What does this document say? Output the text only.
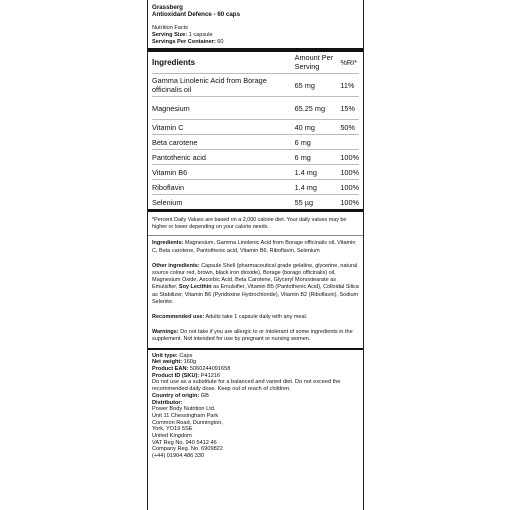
Grassberg
Antioxidant Defence - 60 caps
Nutrition Facts
Serving Size: 1 capsule
Servings Per Container: 60
Ingredients	Amount Per Serving	%RI*
Gamma Linolenic Acid from Borage officinalis oil	65 mg	11%
Magnesium	65.25 mg	15%
Vitamin C	40 mg	50%
Beta carotene	6 mg	
Pantothenic acid	6 mg	100%
Vitamin B6	1.4 mg	100%
Riboflavin	1.4 mg	100%
Selenium	55 µg	100%
*Percent Daily Values are based on a 2,000 calorie diet. Your daily values may be higher or lower depending on your calorie needs.
Ingredients: Magnesium, Gamma Linolenic Acid from Borage officinalis oil, Vitamin C, Beta carotene, Pantothenic acid, Vitamin B6, Riboflavin, Selenium
Other ingredients: Capsule Shell (pharmaceutical grade gelatine, glycerine, natural source colour red, brown, black iron dioxide), Borage (borago officinalis) oil, Magnesium Oxide, Ascorbic Acid, Beta Carotene, Glyceryl Monostearate as Emulsifier, Soy Lecithin as Emulsifier, Vitamin B5 (Pantothenic Acid), Colloidal Silica as Stabilizer, Vitamin B6 (Pyridoxine Hydrochloride), Vitamin B2 (Riboflavin), Sodium Selenite.
Recommended use: Adults take 1 capsule daily with any meal.
Warnings: Do not take if you are allergic to or intolerant of some ingredients in the supplement. Not intended for use by pregnant or nursing women.
Unit type: Caps
Net weight: 160g
Product EAN: 5060244091658
Product ID (SKU): P41216
Do not use as a substitute for a balanced and varied diet. Do not exceed the recommended daily dose. Keep out of reach of children.
Country of origin: GB
Distributor:
Power Body Nutrition Ltd.
Unit 11 Chessingham Park
Common Road, Dunnington,
York, YO19 5SE
United Kingdom
VAT Reg No. 940 5412 46
Company Reg. No. 6909822
(+44) 01904 486 330
